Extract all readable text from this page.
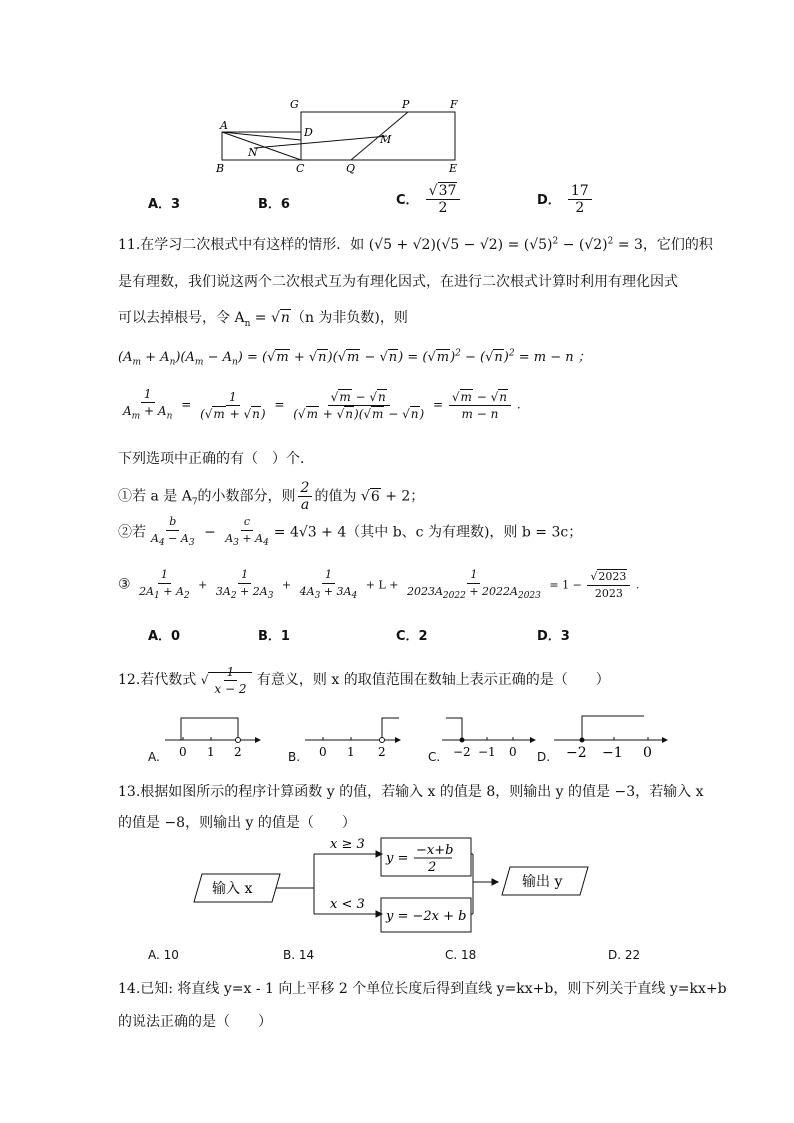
G	P	F
A
D
M
N
B	C	Q	E
A．3	B．6	C．
√ $\frac{37}{2}$	D． $\frac{17}{2}$
11.在学习二次根式中有这样的情形．如 $(√5 + √2)(√5 - √2) = (√5)^2 - (√2)^2 = 3$，它们的积
是有理数，我们说这两个二次根式互为有理化因式，在进行二次根式计算时利用有理化因式
可以去掉根号，令 $A_n = √n(n$ 为非负数)，则
$(A_m + A_n)(A_m - A_n) = (√m + √n)(√m - √n) = (√m)^2 - (√n)^2 = m - n$ ；
$\frac{1}{A_m + A_n} = \frac{1}{(√m + √n)} = \frac{√m - √n}{(√m + √n)(√m - √n)} = \frac{√m - √n}{m - n}$ .
下列选项中正确的有（　）个．
①若 a 是 $A_7$的小数部分，则 $\frac{2}{a}$ 的值为 √6 + 2；
②若 $\frac{b}{A_4 - A_3} - \frac{c}{A_3 + A_4} = 4√3 + 4$（其中 b、c 为有理数)，则 b = 3c；
③ $\frac{1}{2A_1 + A_2} + \frac{1}{3A_2 + 2A_3} + \frac{1}{4A_3 + 3A_4} + L + \frac{1}{2023A_{2022} + 2022A_{2023}} = 1 - \frac{√2023}{2023}$ .
A．0	B．1	C．2	D．3
12.若代数式 √ $\frac{1}{x - 2}$ 有意义，则 x 的取值范围在数轴上表示正确的是（　　）
A. 0 1 2	B. 0 1 2	C. −2 −1 0 D. −2 −1 0
13.根据如图所示的程序计算函数 y 的值，若输入 x 的值是 8，则输出 y 的值是 −3，若输入 x
的值是 −8，则输出 y 的值是（　　）
输入 x	输出 y
x ≥ 3
x < 3
y =
−x+b
2
y = −2x + b
A. 10	B. 14	C. 18	D. 22
14.已知: 将直线 y=x - 1 向上平移 2 个单位长度后得到直线 y=kx+b，则下列关于直线 y=kx+b
的说法正确的是（　　）
